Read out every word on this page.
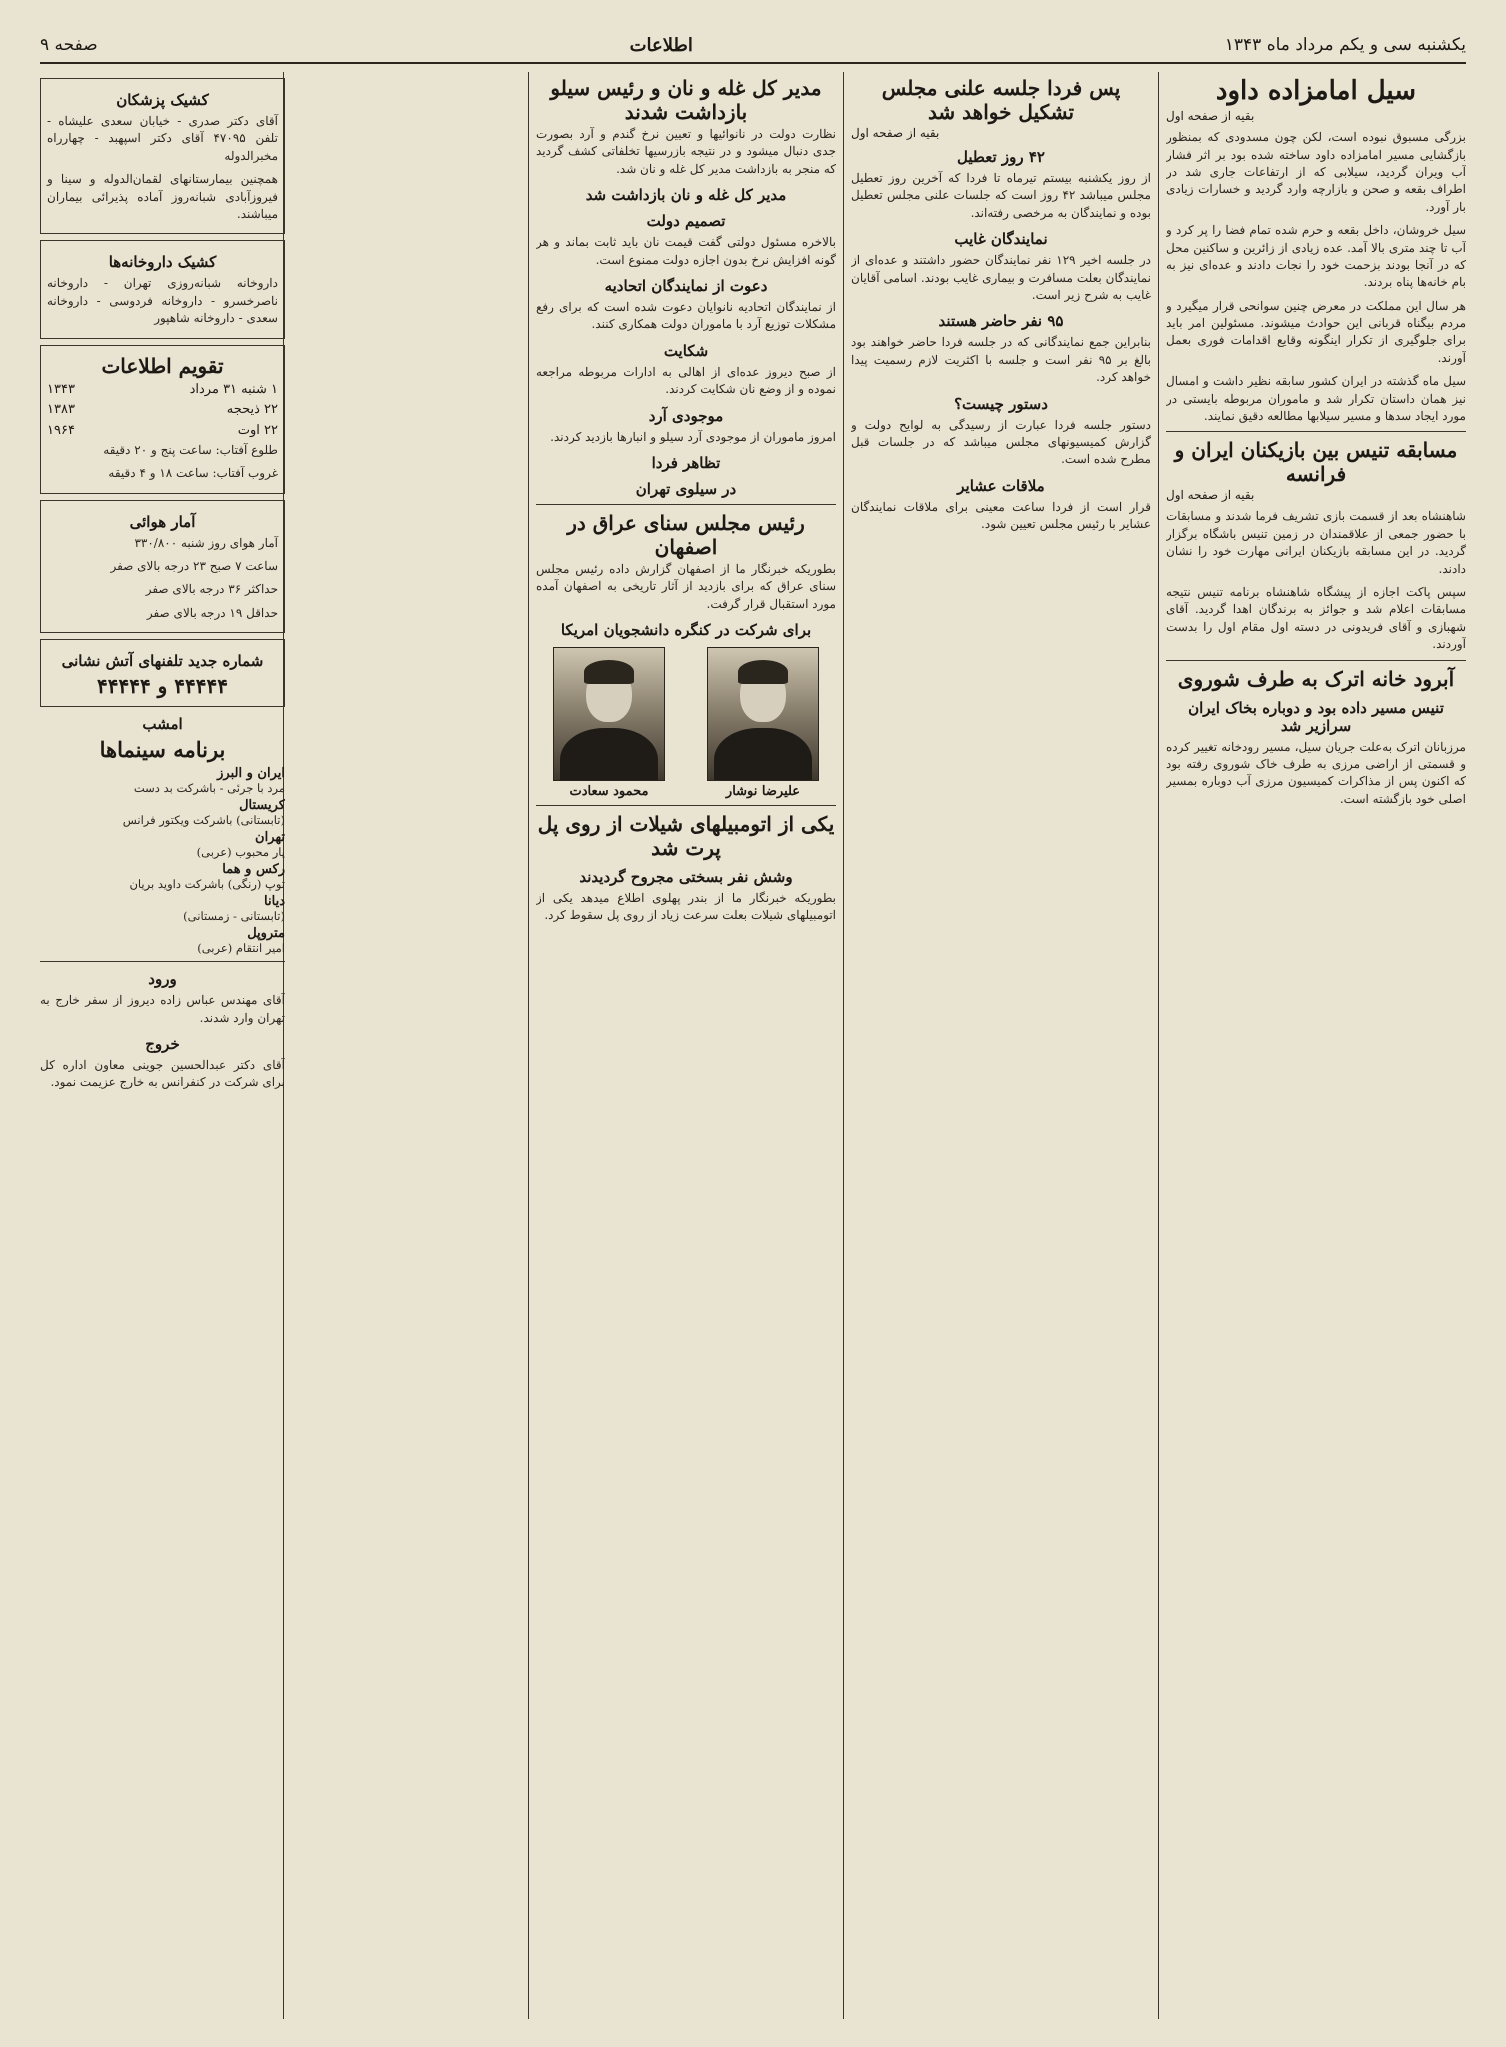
یکشنبه سی و یکم مرداد ماه ۱۳۴۳
اطلاعات
صفحه ۹
سیل امامزاده داود
بقیه از صفحه اول

بزرگی مسبوق نبوده است، لکن چون مسدودی که بمنظور بازگشایی مسیر امامزاده داود ساخته شده بود بر اثر فشار آب ویران گردید، سیلابی که از ارتفاعات جاری شد در اطراف بقعه و صحن و بازارچه وارد گردید و خسارات زیادی بار آورد.

سیل خروشان، داخل بقعه و حرم شده تمام فضا را پر کرد و آب تا چند متری بالا آمد. عده زیادی از زائرین و ساکنین محل که در آنجا بودند بزحمت خود را نجات دادند و عده‌ای نیز به بام خانه‌ها پناه بردند.

هر سال این مملکت در معرض چنین سوانحی قرار میگیرد و مردم بیگناه قربانی این حوادث میشوند. مسئولین امر باید برای جلوگیری از تکرار اینگونه وقایع اقدامات فوری بعمل آورند.

سیل ماه گذشته در ایران کشور سابقه نظیر داشت و امسال نیز همان داستان تکرار شد و ماموران مربوطه بایستی در مورد ایجاد سدها و مسیر سیلابها مطالعه دقیق نمایند.

مسابقه تنیس بین بازیکنان ایران و فرانسه
بقیه از صفحه اول

شاهنشاه بعد از قسمت بازی تشریف فرما شدند و مسابقات با حضور جمعی از علاقمندان در زمین تنیس باشگاه برگزار گردید. در این مسابقه بازیکنان ایرانی مهارت خود را نشان دادند.

سپس پاکت اجازه از پیشگاه شاهنشاه برنامه تنیس نتیجه مسابقات اعلام شد و جوائز به برندگان اهدا گردید. آقای شهبازی و آقای فریدونی در دسته اول مقام اول را بدست آوردند.

آبرود خانه اترک به طرف شوروی
تنیس مسیر داده بود و دوباره بخاک ایران سرازیر شد

مرزبانان اترک به‌علت جریان سیل، مسیر رودخانه تغییر کرده و قسمتی از اراضی مرزی به طرف خاک شوروی رفته بود که اکنون پس از مذاکرات کمیسیون مرزی آب دوباره بمسیر اصلی خود بازگشته است.

پس فردا جلسه علنی مجلس تشکیل خواهد شد
بقیه از صفحه اول
۴۲ روز تعطیل

از روز یکشنبه بیستم تیرماه تا فردا که آخرین روز تعطیل مجلس میباشد ۴۲ روز است که جلسات علنی مجلس تعطیل بوده و نمایندگان به مرخصی رفته‌اند.

نمایندگان غایب

در جلسه اخیر ۱۲۹ نفر نمایندگان حضور داشتند و عده‌ای از نمایندگان بعلت مسافرت و بیماری غایب بودند. اسامی آقایان غایب به شرح زیر است.

۹۵ نفر حاضر هستند

بنابراین جمع نمایندگانی که در جلسه فردا حاضر خواهند بود بالغ بر ۹۵ نفر است و جلسه با اکثریت لازم رسمیت پیدا خواهد کرد.

دستور چیست؟

دستور جلسه فردا عبارت از رسیدگی به لوایح دولت و گزارش کمیسیونهای مجلس میباشد که در جلسات قبل مطرح شده است.

ملاقات عشایر

قرار است از فردا ساعت معینی برای ملاقات نمایندگان عشایر با رئیس مجلس تعیین شود.

مدیر کل غله و نان و رئیس سیلو بازداشت شدند

نظارت دولت در نانوائیها و تعیین نرخ گندم و آرد بصورت جدی دنبال میشود و در نتیجه بازرسیها تخلفاتی کشف گردید که منجر به بازداشت مدیر کل غله و نان شد.

مدیر کل غله و نان بازداشت شد
تصمیم دولت

بالاخره مسئول دولتی گفت قیمت نان باید ثابت بماند و هر گونه افزایش نرخ بدون اجازه دولت ممنوع است.

دعوت از نمایندگان اتحادیه

از نمایندگان اتحادیه نانوایان دعوت شده است که برای رفع مشکلات توزیع آرد با ماموران دولت همکاری کنند.

شکایت

از صبح دیروز عده‌ای از اهالی به ادارات مربوطه مراجعه نموده و از وضع نان شکایت کردند.

موجودی آرد

امروز ماموران از موجودی آرد سیلو و انبارها بازدید کردند.

تظاهر فردا
در سیلوی تهران
رئیس مجلس سنای عراق در اصفهان

بطوریکه خبرنگار ما از اصفهان گزارش داده رئیس مجلس سنای عراق که برای بازدید از آثار تاریخی به اصفهان آمده مورد استقبال قرار گرفت.

برای شرکت در کنگره دانشجویان امریکا
علیرضا نوشار
محمود سعادت
یکی از اتومبیلهای شیلات از روی پل پرت شد
وشش نفر بسختی مجروح گردیدند

بطوریکه خبرنگار ما از بندر پهلوی اطلاع میدهد یکی از اتومبیلهای شیلات بعلت سرعت زیاد از روی پل سقوط کرد.

کشیک پزشکان

آقای دکتر صدری - خیابان سعدی علیشاه - تلفن ۴۷۰۹۵ آقای دکتر اسپهبد - چهارراه مخبرالدوله

همچنین بیمارستانهای لقمان‌الدوله و سینا و فیروزآبادی شبانه‌روز آماده پذیرائی بیماران میباشند.

کشیک داروخانه‌ها

داروخانه شبانه‌روزی تهران - داروخانه ناصرخسرو - داروخانه فردوسی - داروخانه سعدی - داروخانه شاهپور

تقویم اطلاعات
۱ شنبه ۳۱ مرداد
۱۳۴۳
۲۲ ذیحجه
۱۳۸۳
۲۲ اوت
۱۹۶۴

طلوع آفتاب: ساعت پنج و ۲۰ دقیقه

غروب آفتاب: ساعت ۱۸ و ۴ دقیقه

آمار هوائی

آمار هوای روز شنبه ۳۳۰/۸۰۰

ساعت ۷ صبح ۲۳ درجه بالای صفر

حداکثر ۳۶ درجه بالای صفر

حداقل ۱۹ درجه بالای صفر

شماره جدید تلفنهای آتش نشانی
۴۴۴۴۴ و ۴۴۴۴۴
امشب
برنامه سینماها
ایران و البرز
مرد با جرئی - باشرکت بد دست
کریستال
(تابستانی) باشرکت ویکتور فرانس
تهران
یار محبوب (عربی)
رکس و هما
توپ (رنگی) باشرکت داوید بریان
دیانا
(تابستانی - زمستانی)
متروپل
امیر انتقام (عربی)
ورود

آقای مهندس عباس زاده دیروز از سفر خارج به تهران وارد شدند.

خروج

آقای دکتر عبدالحسین جوینی معاون اداره کل برای شرکت در کنفرانس به خارج عزیمت نمود.
